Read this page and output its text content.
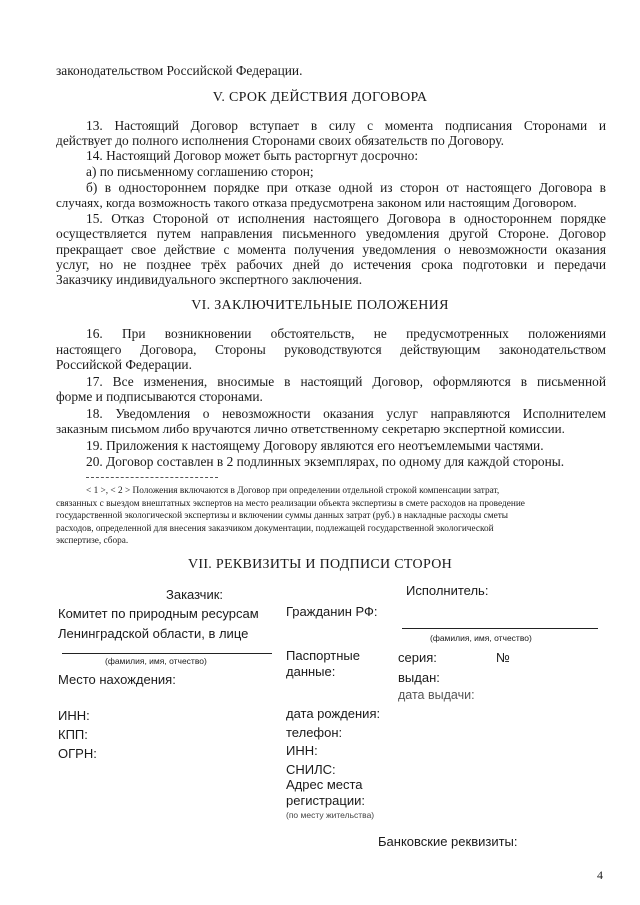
законодательством Российской Федерации.
V. СРОК ДЕЙСТВИЯ ДОГОВОРА
13. Настоящий Договор вступает в силу с момента подписания Сторонами и
действует до полного исполнения Сторонами своих обязательств по Договору.
14. Настоящий Договор может быть расторгнут досрочно:
а) по письменному соглашению сторон;
б) в одностороннем порядке при отказе одной из сторон от настоящего Договора в
случаях, когда возможность такого отказа предусмотрена законом или настоящим Договором.
15. Отказ Стороной от исполнения настоящего Договора в одностороннем порядке
осуществляется путем направления письменного уведомления другой Стороне. Договор
прекращает свое действие с момента получения уведомления о невозможности оказания
услуг, но не позднее трёх рабочих дней до истечения срока подготовки и передачи
Заказчику индивидуального экспертного заключения.
VI. ЗАКЛЮЧИТЕЛЬНЫЕ ПОЛОЖЕНИЯ
16. При возникновении обстоятельств, не предусмотренных положениями
настоящего Договора, Стороны руководствуются действующим законодательством
Российской Федерации.
17. Все изменения, вносимые в настоящий Договор, оформляются в письменной
форме и подписываются сторонами.
18. Уведомления о невозможности оказания услуг направляются Исполнителем
заказным письмом либо вручаются лично ответственному секретарю экспертной комиссии.
19. Приложения к настоящему Договору являются его неотъемлемыми частями.
20. Договор составлен в 2 подлинных экземплярах, по одному для каждой стороны.
< 1 >, < 2 > Положения включаются в Договор при определении отдельной строкой компенсации затрат,
связанных с выездом внештатных экспертов на место реализации объекта экспертизы в смете расходов на проведение
государственной экологической экспертизы и включении суммы данных затрат (руб.) в накладные расходы сметы
расходов, определенной для внесения заказчиком документации, подлежащей государственной экологической
экспертизе, сбора.
VII. РЕКВИЗИТЫ И ПОДПИСИ СТОРОН
Заказчик:
Комитет по природным ресурсам
Ленинградской области, в лице
(фамилия, имя, отчество)
Место нахождения:
ИНН:
КПП:
ОГРН:
Исполнитель:
Гражданин РФ:
(фамилия, имя, отчество)
Паспортные
данные:
серия:	№
выдан:
дата выдачи:
дата рождения:
телефон:
ИНН:
СНИЛС:
Адрес места
регистрации:
(по месту жительства)
Банковские реквизиты:
4
